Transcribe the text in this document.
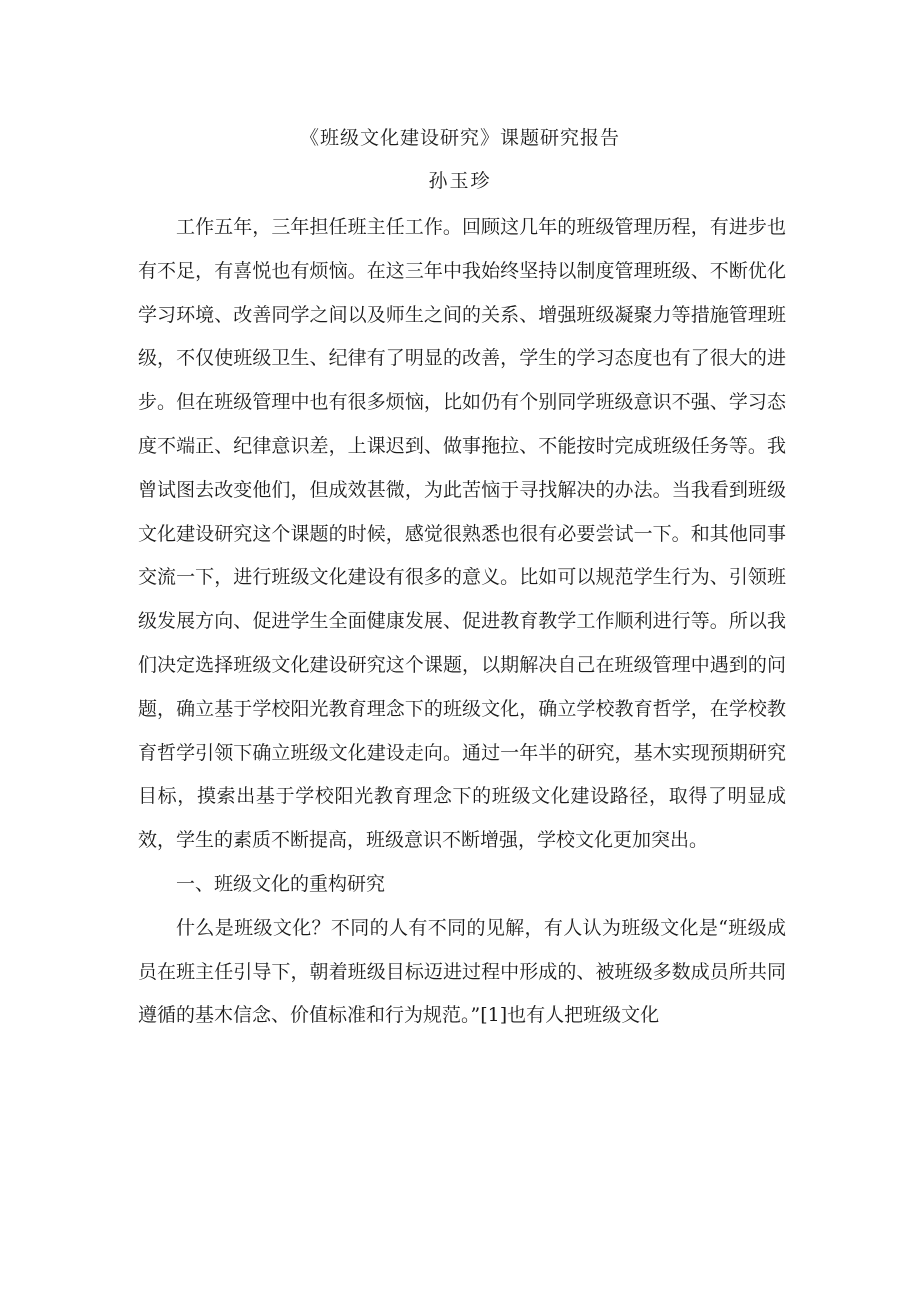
《班级文化建设研究》课题研究报告
孙玉珍

工作五年，三年担任班主任工作。回顾这几年的班级管理历程，有进步也有不足，有喜悦也有烦恼。在这三年中我始终坚持以制度管理班级、不断优化学习环境、改善同学之间以及师生之间的关系、增强班级凝聚力等措施管理班级，不仅使班级卫生、纪律有了明显的改善，学生的学习态度也有了很大的进步。但在班级管理中也有很多烦恼，比如仍有个别同学班级意识不强、学习态度不端正、纪律意识差，上课迟到、做事拖拉、不能按时完成班级任务等。我曾试图去改变他们，但成效甚微，为此苦恼于寻找解决的办法。当我看到班级文化建设研究这个课题的时候，感觉很熟悉也很有必要尝试一下。和其他同事交流一下，进行班级文化建设有很多的意义。比如可以规范学生行为、引领班级发展方向、促进学生全面健康发展、促进教育教学工作顺利进行等。所以我们决定选择班级文化建设研究这个课题，以期解决自己在班级管理中遇到的问题，确立基于学校阳光教育理念下的班级文化，确立学校教育哲学，在学校教育哲学引领下确立班级文化建设走向。通过一年半的研究，基木实现预期研究目标，摸索出基于学校阳光教育理念下的班级文化建设路径，取得了明显成效，学生的素质不断提高，班级意识不断增强，学校文化更加突出。

一、班级文化的重构研究

什么是班级文化？不同的人有不同的见解，有人认为班级文化是“班级成员在班主任引导下，朝着班级目标迈进过程中形成的、被班级多数成员所共同遵循的基木信念、价值标准和行为规范。”[1]也有人把班级文化
